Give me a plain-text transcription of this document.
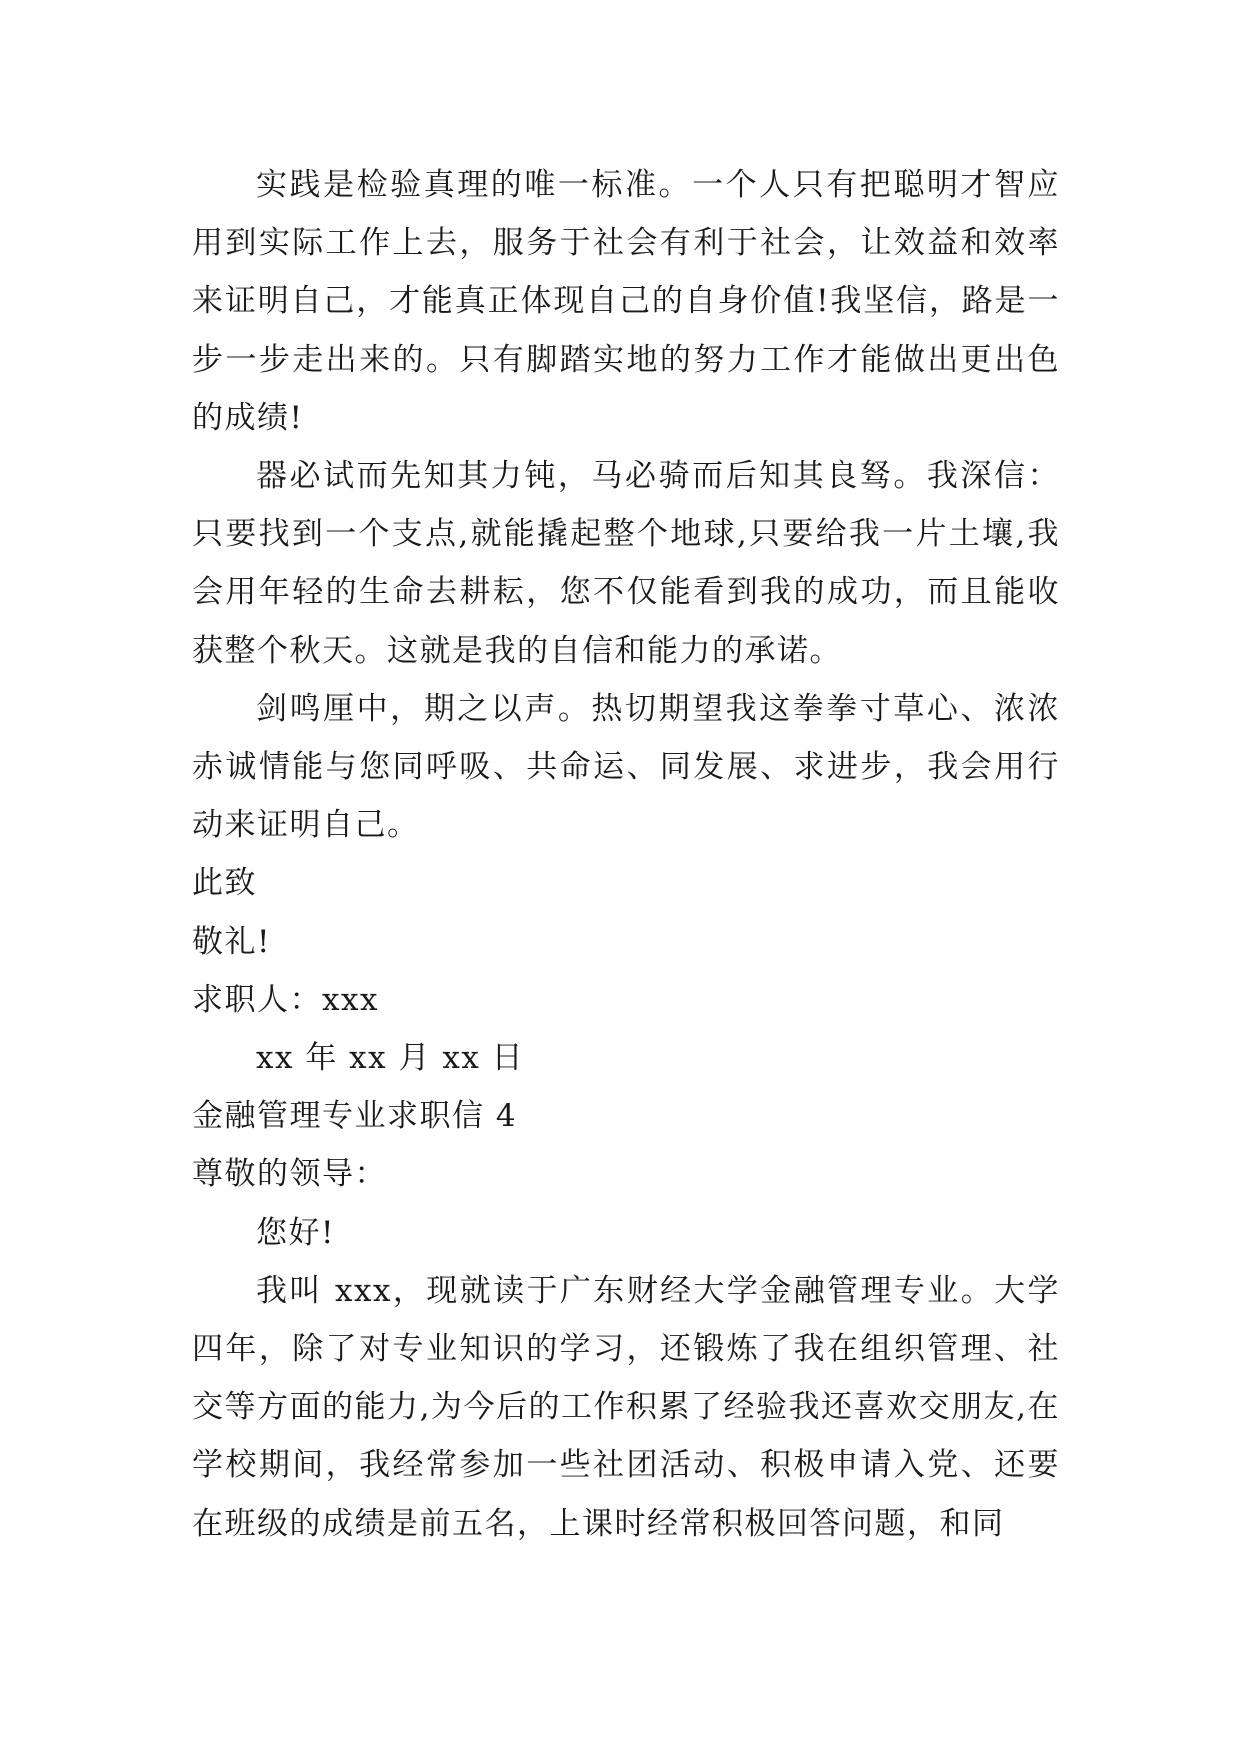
实践是检验真理的唯一标准。一个人只有把聪明才智应用到实际工作上去，服务于社会有利于社会，让效益和效率来证明自己，才能真正体现自己的自身价值!我坚信，路是一步一步走出来的。只有脚踏实地的努力工作才能做出更出色的成绩!

器必试而先知其力钝，马必骑而后知其良驽。我深信：只要找到一个支点,就能撬起整个地球,只要给我一片土壤,我会用年轻的生命去耕耘，您不仅能看到我的成功，而且能收获整个秋天。这就是我的自信和能力的承诺。

剑鸣厘中，期之以声。热切期望我这拳拳寸草心、浓浓赤诚情能与您同呼吸、共命运、同发展、求进步，我会用行动来证明自己。

此致

敬礼!

求职人：xxx

xx 年 xx 月 xx 日

金融管理专业求职信 4

尊敬的领导：

您好!

我叫 xxx，现就读于广东财经大学金融管理专业。大学四年，除了对专业知识的学习，还锻炼了我在组织管理、社交等方面的能力,为今后的工作积累了经验我还喜欢交朋友,在学校期间，我经常参加一些社团活动、积极申请入党、还要在班级的成绩是前五名，上课时经常积极回答问题，和同
